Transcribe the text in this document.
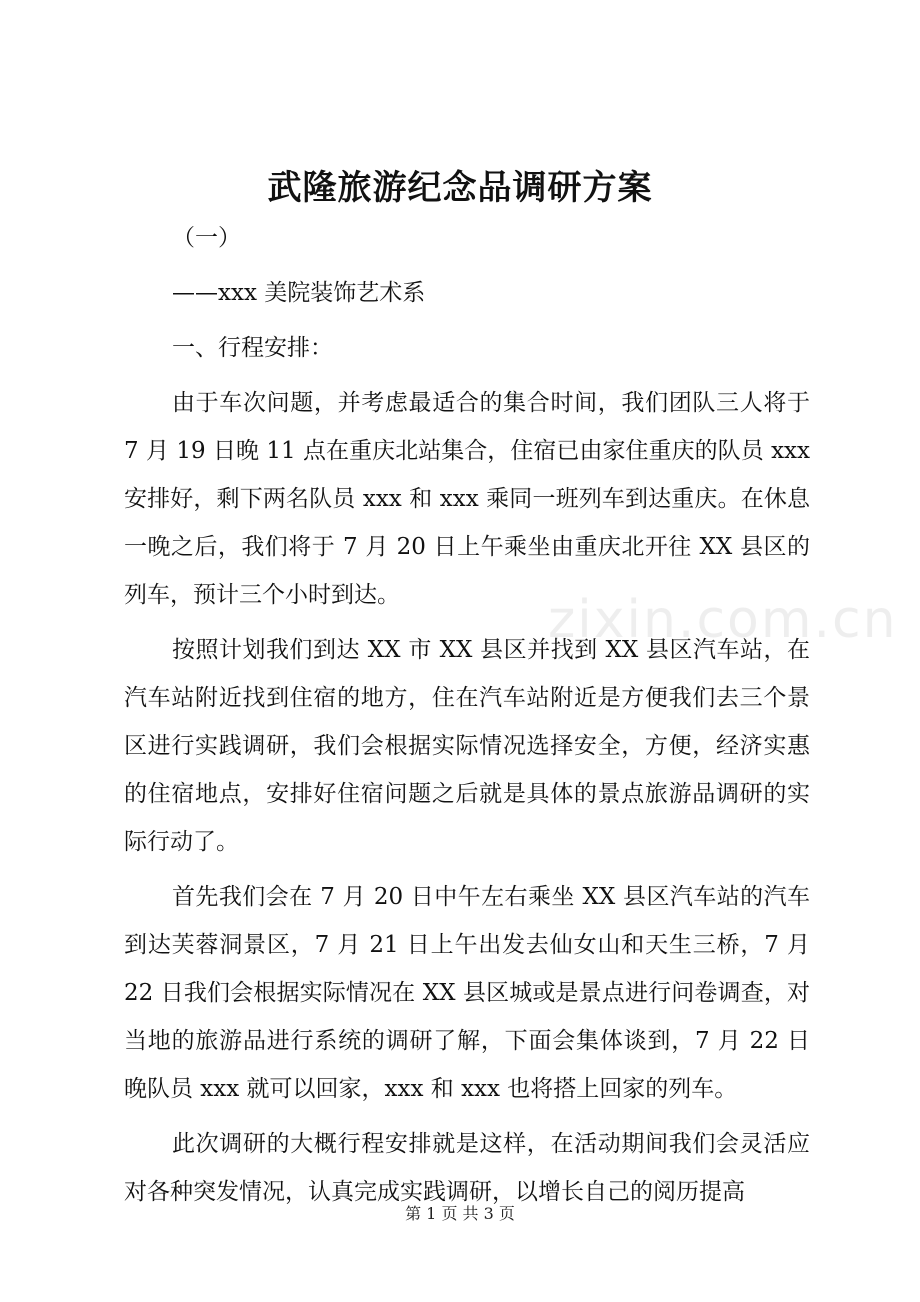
武隆旅游纪念品调研方案

（一）

——xxx 美院装饰艺术系

一、行程安排：

由于车次问题，并考虑最适合的集合时间，我们团队三人将于 7 月 19 日晚 11 点在重庆北站集合，住宿已由家住重庆的队员 xxx 安排好，剩下两名队员 xxx 和 xxx 乘同一班列车到达重庆。在休息一晚之后，我们将于 7 月 20 日上午乘坐由重庆北开往 XX 县区的列车，预计三个小时到达。

按照计划我们到达 XX 市 XX 县区并找到 XX 县区汽车站，在汽车站附近找到住宿的地方，住在汽车站附近是方便我们去三个景区进行实践调研，我们会根据实际情况选择安全，方便，经济实惠的住宿地点，安排好住宿问题之后就是具体的景点旅游品调研的实际行动了。

首先我们会在 7 月 20 日中午左右乘坐 XX 县区汽车站的汽车到达芙蓉洞景区，7 月 21 日上午出发去仙女山和天生三桥，7 月 22 日我们会根据实际情况在 XX 县区城或是景点进行问卷调查，对当地的旅游品进行系统的调研了解，下面会集体谈到，7 月 22 日晚队员 xxx 就可以回家，xxx 和 xxx 也将搭上回家的列车。

此次调研的大概行程安排就是这样，在活动期间我们会灵活应对各种突发情况，认真完成实践调研，以增长自己的阅历提高

zixin.com.cn
第 1 页 共 3 页
